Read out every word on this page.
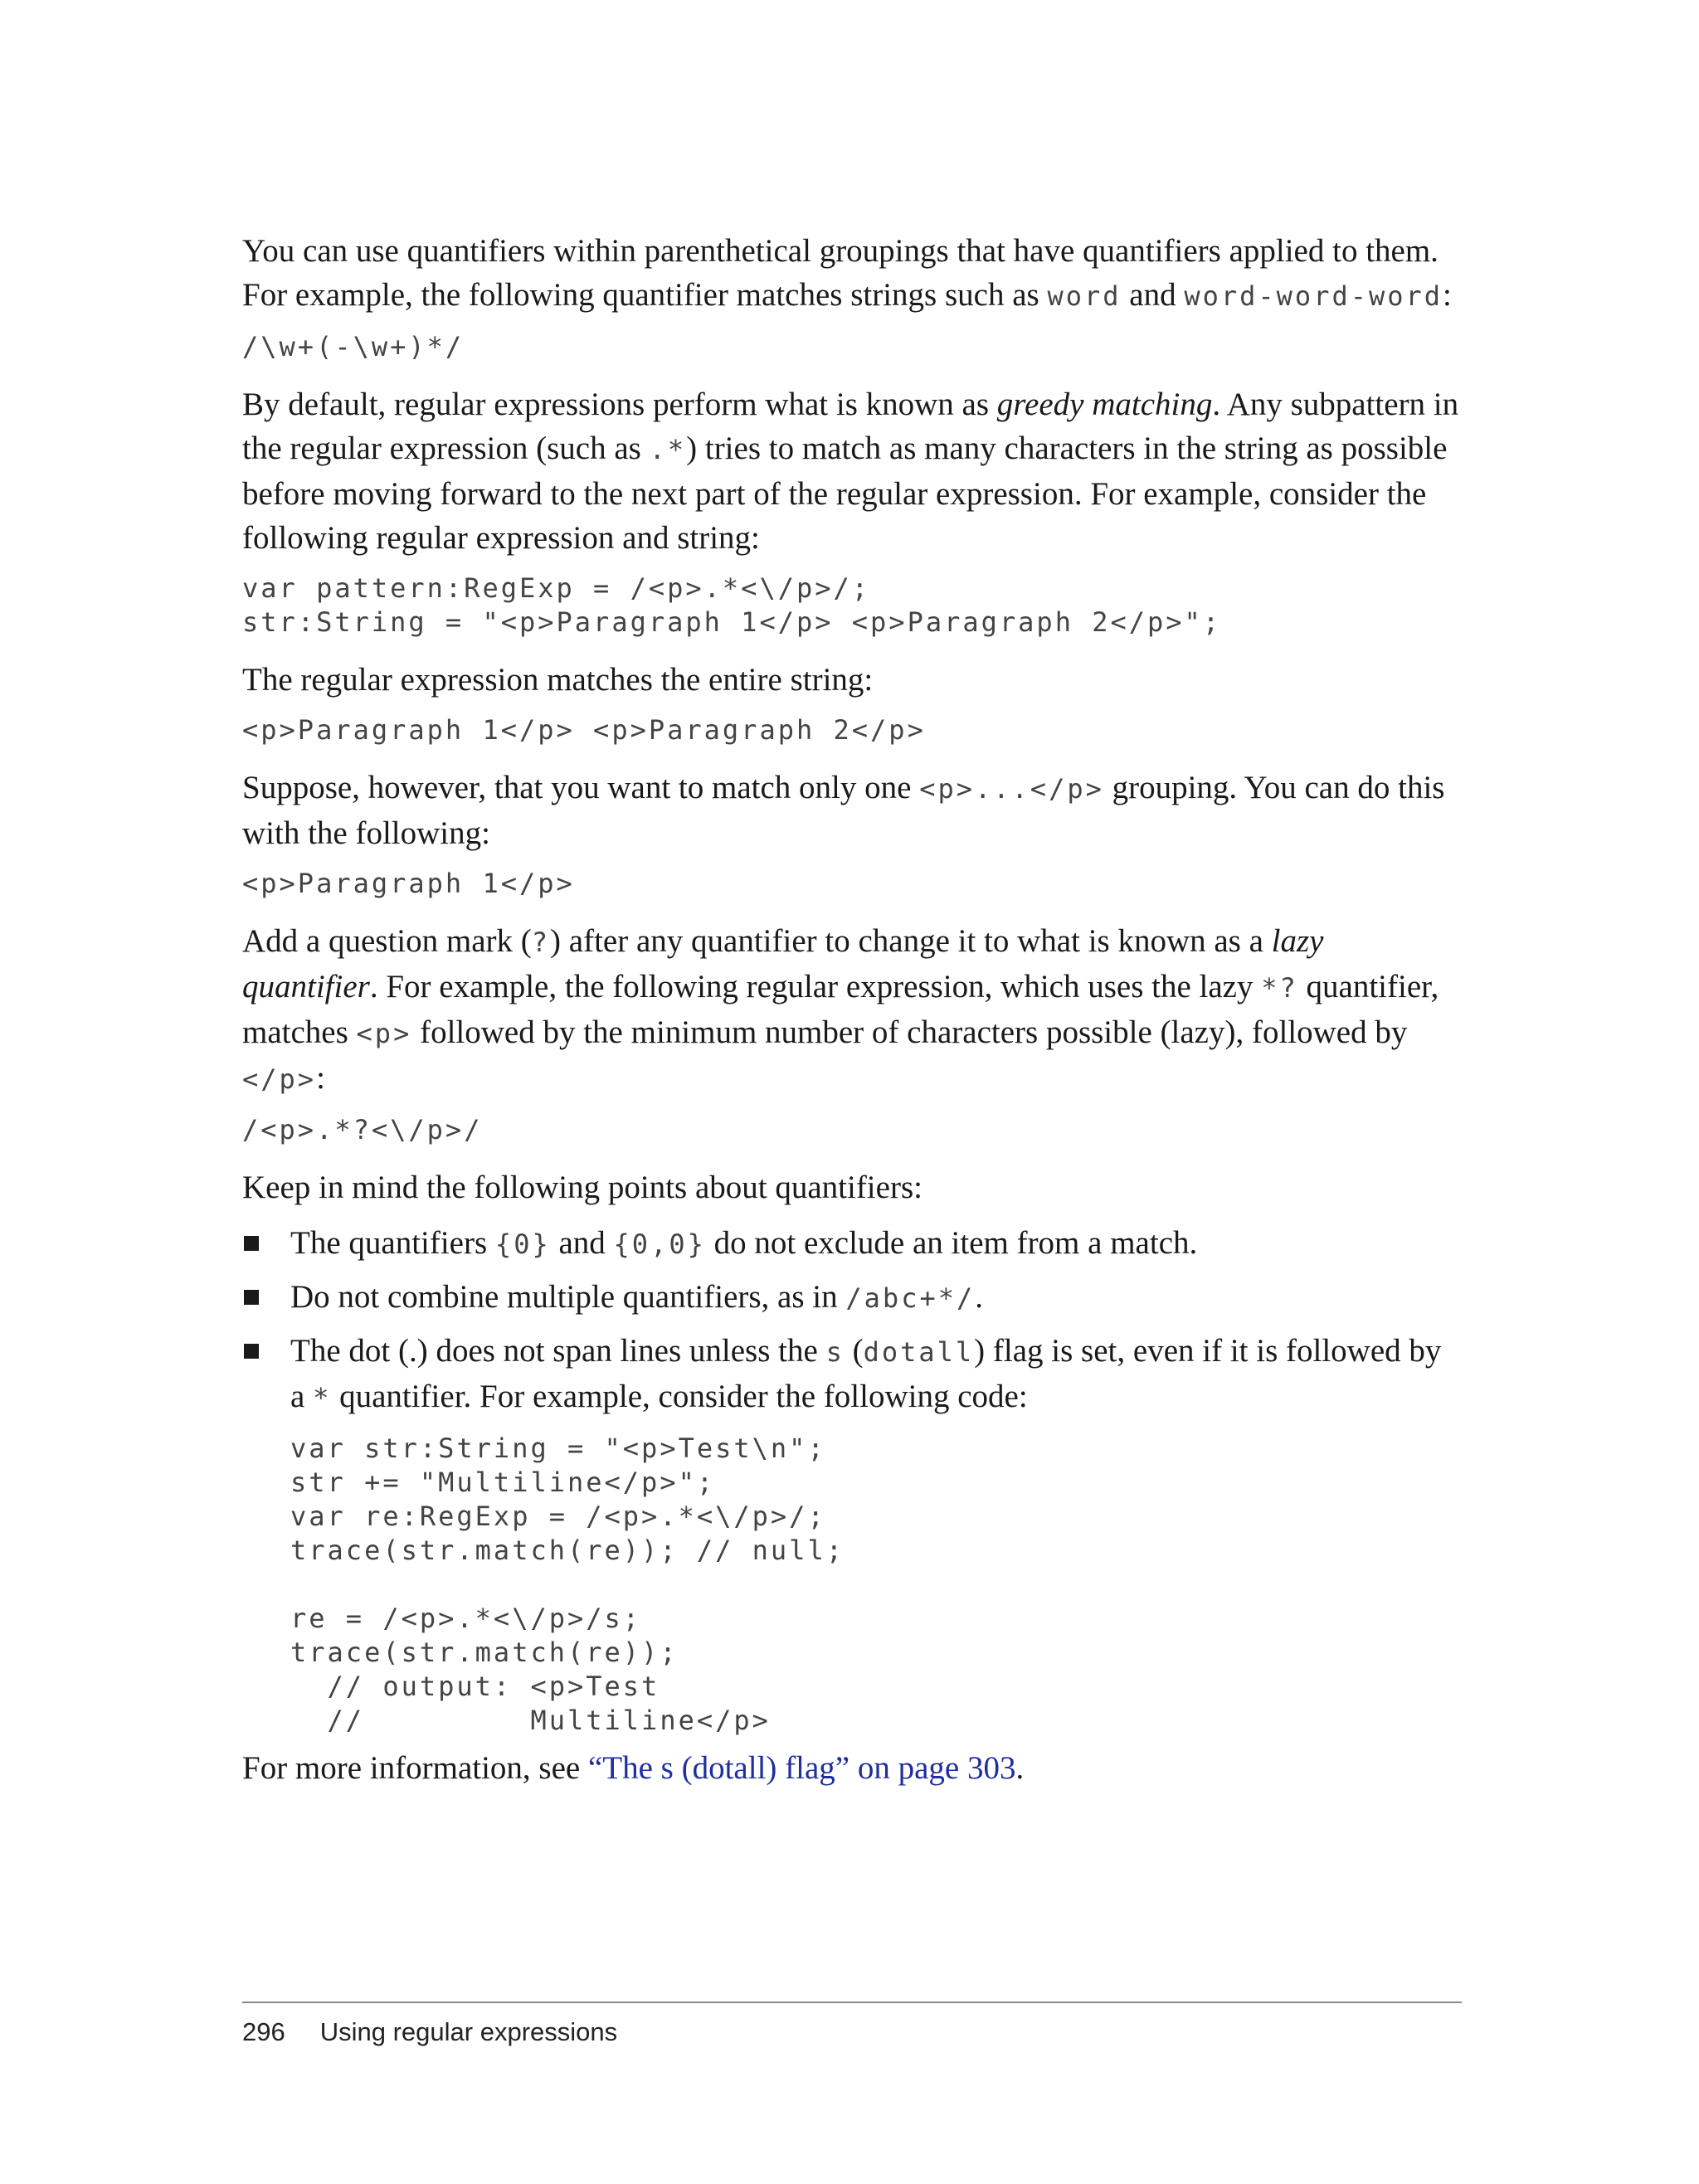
You can use quantifiers within parenthetical groupings that have quantifiers applied to them. For example, the following quantifier matches strings such as word and word-word-word:

/\w+(-\w+)*/

By default, regular expressions perform what is known as greedy matching. Any subpattern in the regular expression (such as .*) tries to match as many characters in the string as possible before moving forward to the next part of the regular expression. For example, consider the following regular expression and string:

var pattern:RegExp = /<p>.*<\/p>/;
str:String = "<p>Paragraph 1</p> <p>Paragraph 2</p>";

The regular expression matches the entire string:

<p>Paragraph 1</p> <p>Paragraph 2</p>

Suppose, however, that you want to match only one <p>...</p> grouping. You can do this with the following:

<p>Paragraph 1</p>

Add a question mark (?) after any quantifier to change it to what is known as a lazy quantifier. For example, the following regular expression, which uses the lazy *? quantifier, matches <p> followed by the minimum number of characters possible (lazy), followed by </p>:

/<p>.*?<\/p>/

Keep in mind the following points about quantifiers:

The quantifiers {0} and {0,0} do not exclude an item from a match.
Do not combine multiple quantifiers, as in /abc+*/.
The dot (.) does not span lines unless the s (dotall) flag is set, even if it is followed by a * quantifier. For example, consider the following code:
var str:String = "<p>Test\n";
str += "Multiline</p>";
var re:RegExp = /<p>.*<\/p>/;
trace(str.match(re)); // null;

re = /<p>.*<\/p>/s;
trace(str.match(re));
// output: <p>Test
//         Multiline</p>

For more information, see “The s (dotall) flag” on page 303.

296 Using regular expressions
